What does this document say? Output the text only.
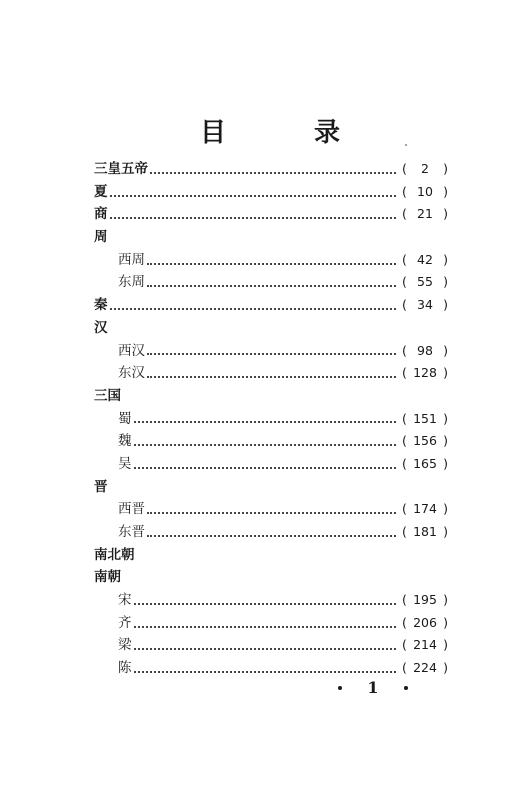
目	录
三皇五帝	(	2	)
夏	( 10 )
商	( 21 )
周
西周	( 42 )
东周	( 55 )
秦	( 34 )
汉
西汉	( 98 )
东汉	( 128 )
三国
蜀	( 151 )
魏	( 156 )
吴	( 165 )
晋
西晋	( 174 )
东晋	( 181 )
南北朝
南朝
宋	( 195 )
齐	( 206 )
梁	( 214 )
陈	( 224 )
1
